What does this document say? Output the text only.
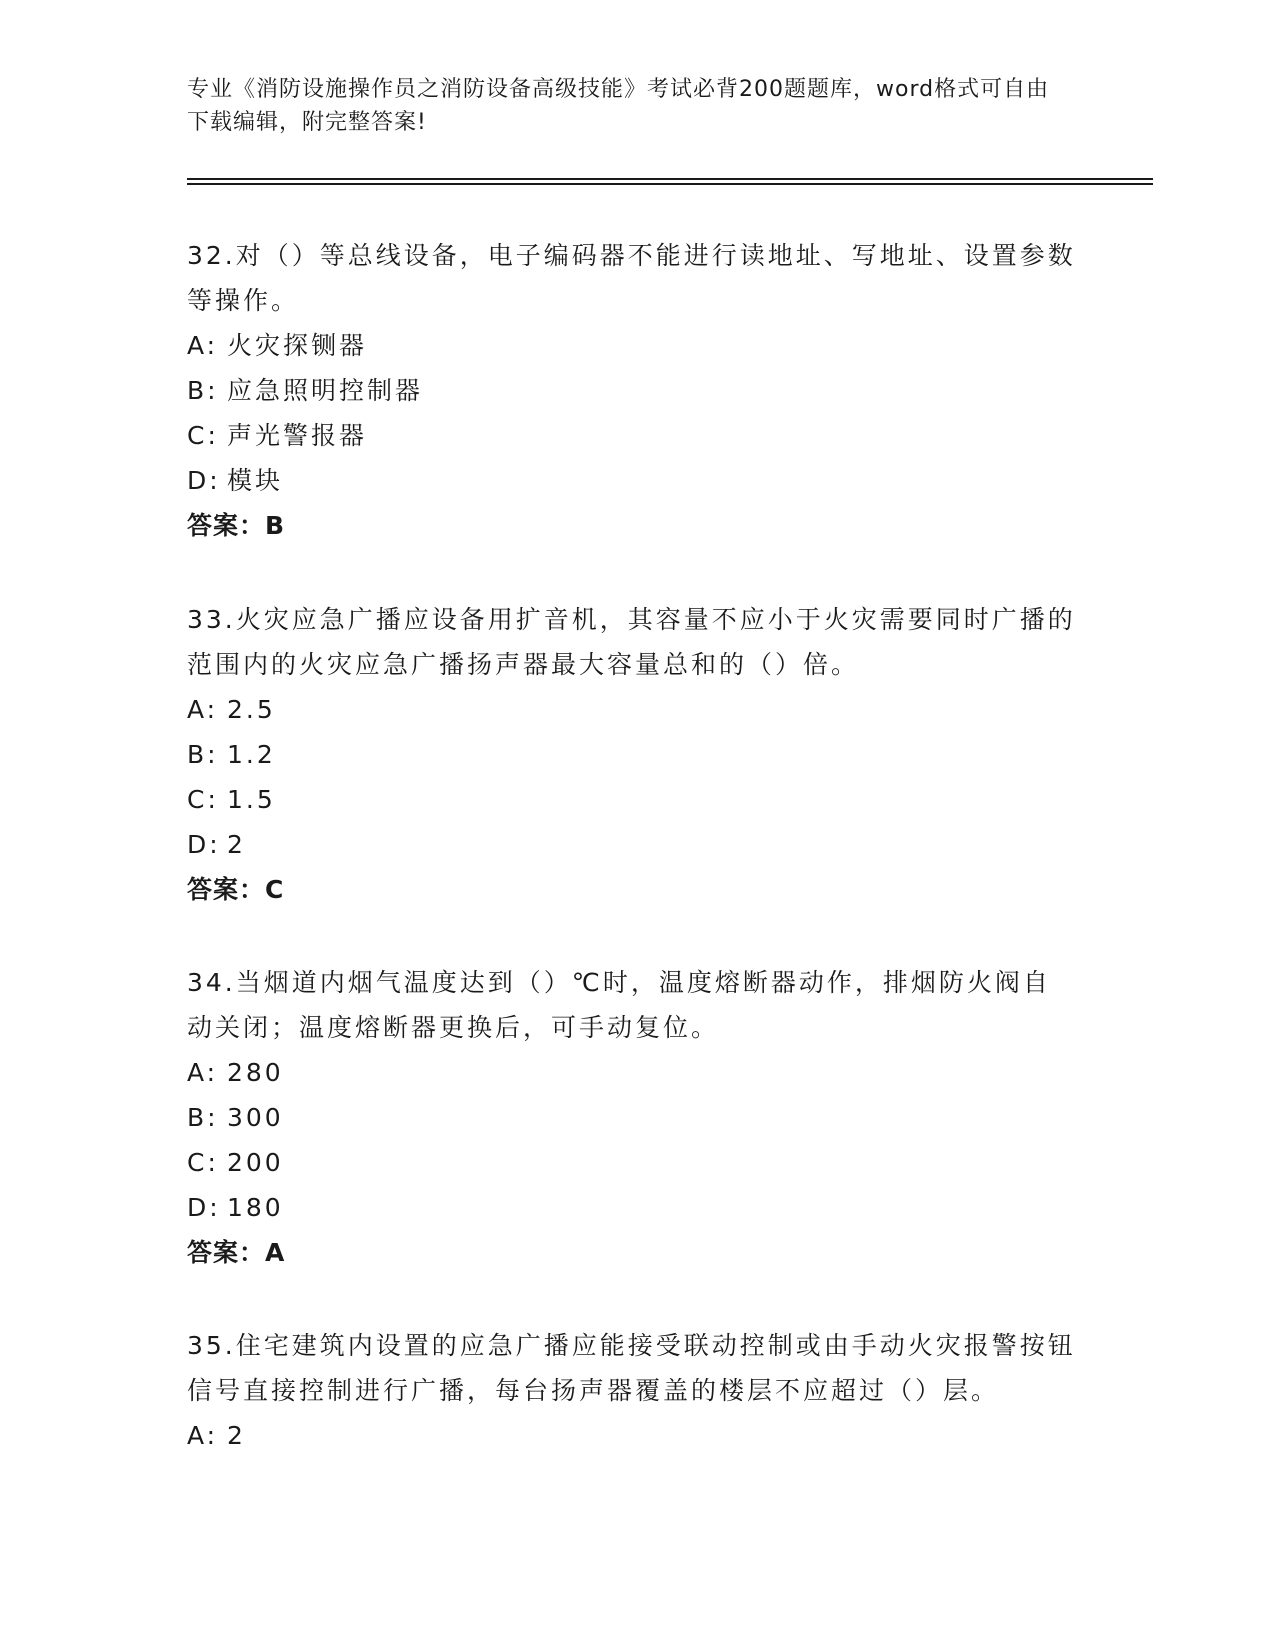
专业《消防设施操作员之消防设备高级技能》考试必背200题题库，word格式可自由下载编辑，附完整答案!
32.对（）等总线设备，电子编码器不能进行读地址、写地址、设置参数等操作。
A: 火灾探铡器
B: 应急照明控制器
C: 声光警报器
D: 模块
答案：B
33.火灾应急广播应设备用扩音机，其容量不应小于火灾需要同时广播的范围内的火灾应急广播扬声器最大容量总和的（）倍。
A: 2.5
B: 1.2
C: 1.5
D: 2
答案：C
34.当烟道内烟气温度达到（）℃时，温度熔断器动作，排烟防火阀自动关闭；温度熔断器更换后，可手动复位。
A: 280
B: 300
C: 200
D: 180
答案：A
35.住宅建筑内设置的应急广播应能接受联动控制或由手动火灾报警按钮信号直接控制进行广播，每台扬声器覆盖的楼层不应超过（）层。
A: 2
